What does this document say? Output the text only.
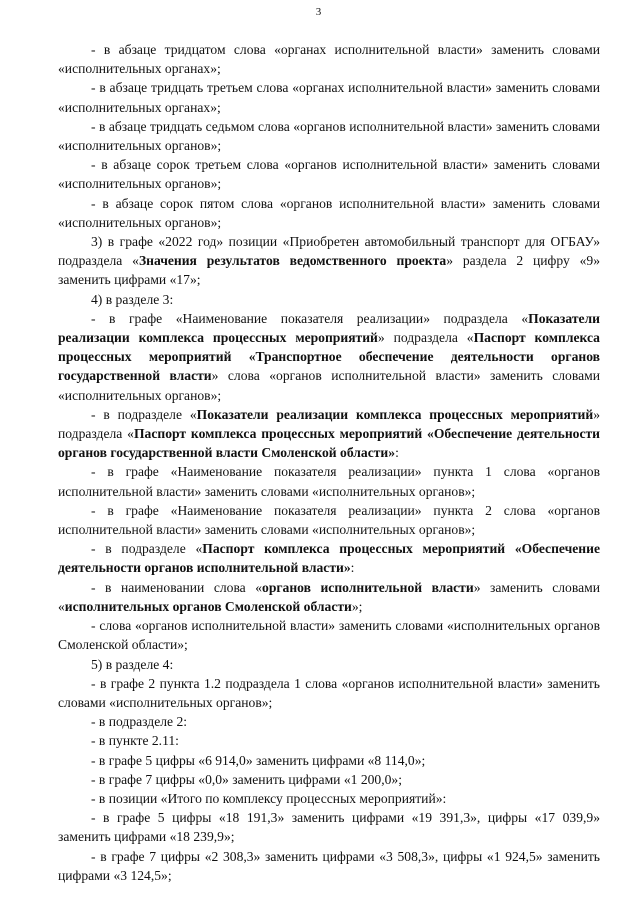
3

- в абзаце тридцатом слова «органах исполнительной власти» заменить словами «исполнительных органах»;

- в абзаце тридцать третьем слова «органах исполнительной власти» заменить словами «исполнительных органах»;

- в абзаце тридцать седьмом слова «органов исполнительной власти» заменить словами «исполнительных органов»;

- в абзаце сорок третьем слова «органов исполнительной власти» заменить словами «исполнительных органов»;

- в абзаце сорок пятом слова «органов исполнительной власти» заменить словами «исполнительных органов»;

3) в графе «2022 год» позиции «Приобретен автомобильный транспорт для ОГБАУ» подраздела «Значения результатов ведомственного проекта» раздела 2 цифру «9» заменить цифрами «17»;

4) в разделе 3:

- в графе «Наименование показателя реализации» подраздела «Показатели реализации комплекса процессных мероприятий» подраздела «Паспорт комплекса процессных мероприятий «Транспортное обеспечение деятельности органов государственной власти» слова «органов исполнительной власти» заменить словами «исполнительных органов»;

- в подразделе «Показатели реализации комплекса процессных мероприятий» подраздела «Паспорт комплекса процессных мероприятий «Обеспечение деятельности органов государственной власти Смоленской области»:

- в графе «Наименование показателя реализации» пункта 1 слова «органов исполнительной власти» заменить словами «исполнительных органов»;

- в графе «Наименование показателя реализации» пункта 2 слова «органов исполнительной власти» заменить словами «исполнительных органов»;

- в подразделе «Паспорт комплекса процессных мероприятий «Обеспечение деятельности органов исполнительной власти»:

- в наименовании слова «органов исполнительной власти» заменить словами «исполнительных органов Смоленской области»;

- слова «органов исполнительной власти» заменить словами «исполнительных органов Смоленской области»;

5) в разделе 4:

- в графе 2 пункта 1.2 подраздела 1 слова «органов исполнительной власти» заменить словами «исполнительных органов»;

- в подразделе 2:

- в пункте 2.11:

- в графе 5 цифры «6 914,0» заменить цифрами «8 114,0»;

- в графе 7 цифры «0,0» заменить цифрами «1 200,0»;

- в позиции «Итого по комплексу процессных мероприятий»:

- в графе 5 цифры «18 191,3» заменить цифрами «19 391,3», цифры «17 039,9» заменить цифрами «18 239,9»;

- в графе 7 цифры «2 308,3» заменить цифрами «3 508,3», цифры «1 924,5» заменить цифрами «3 124,5»;
